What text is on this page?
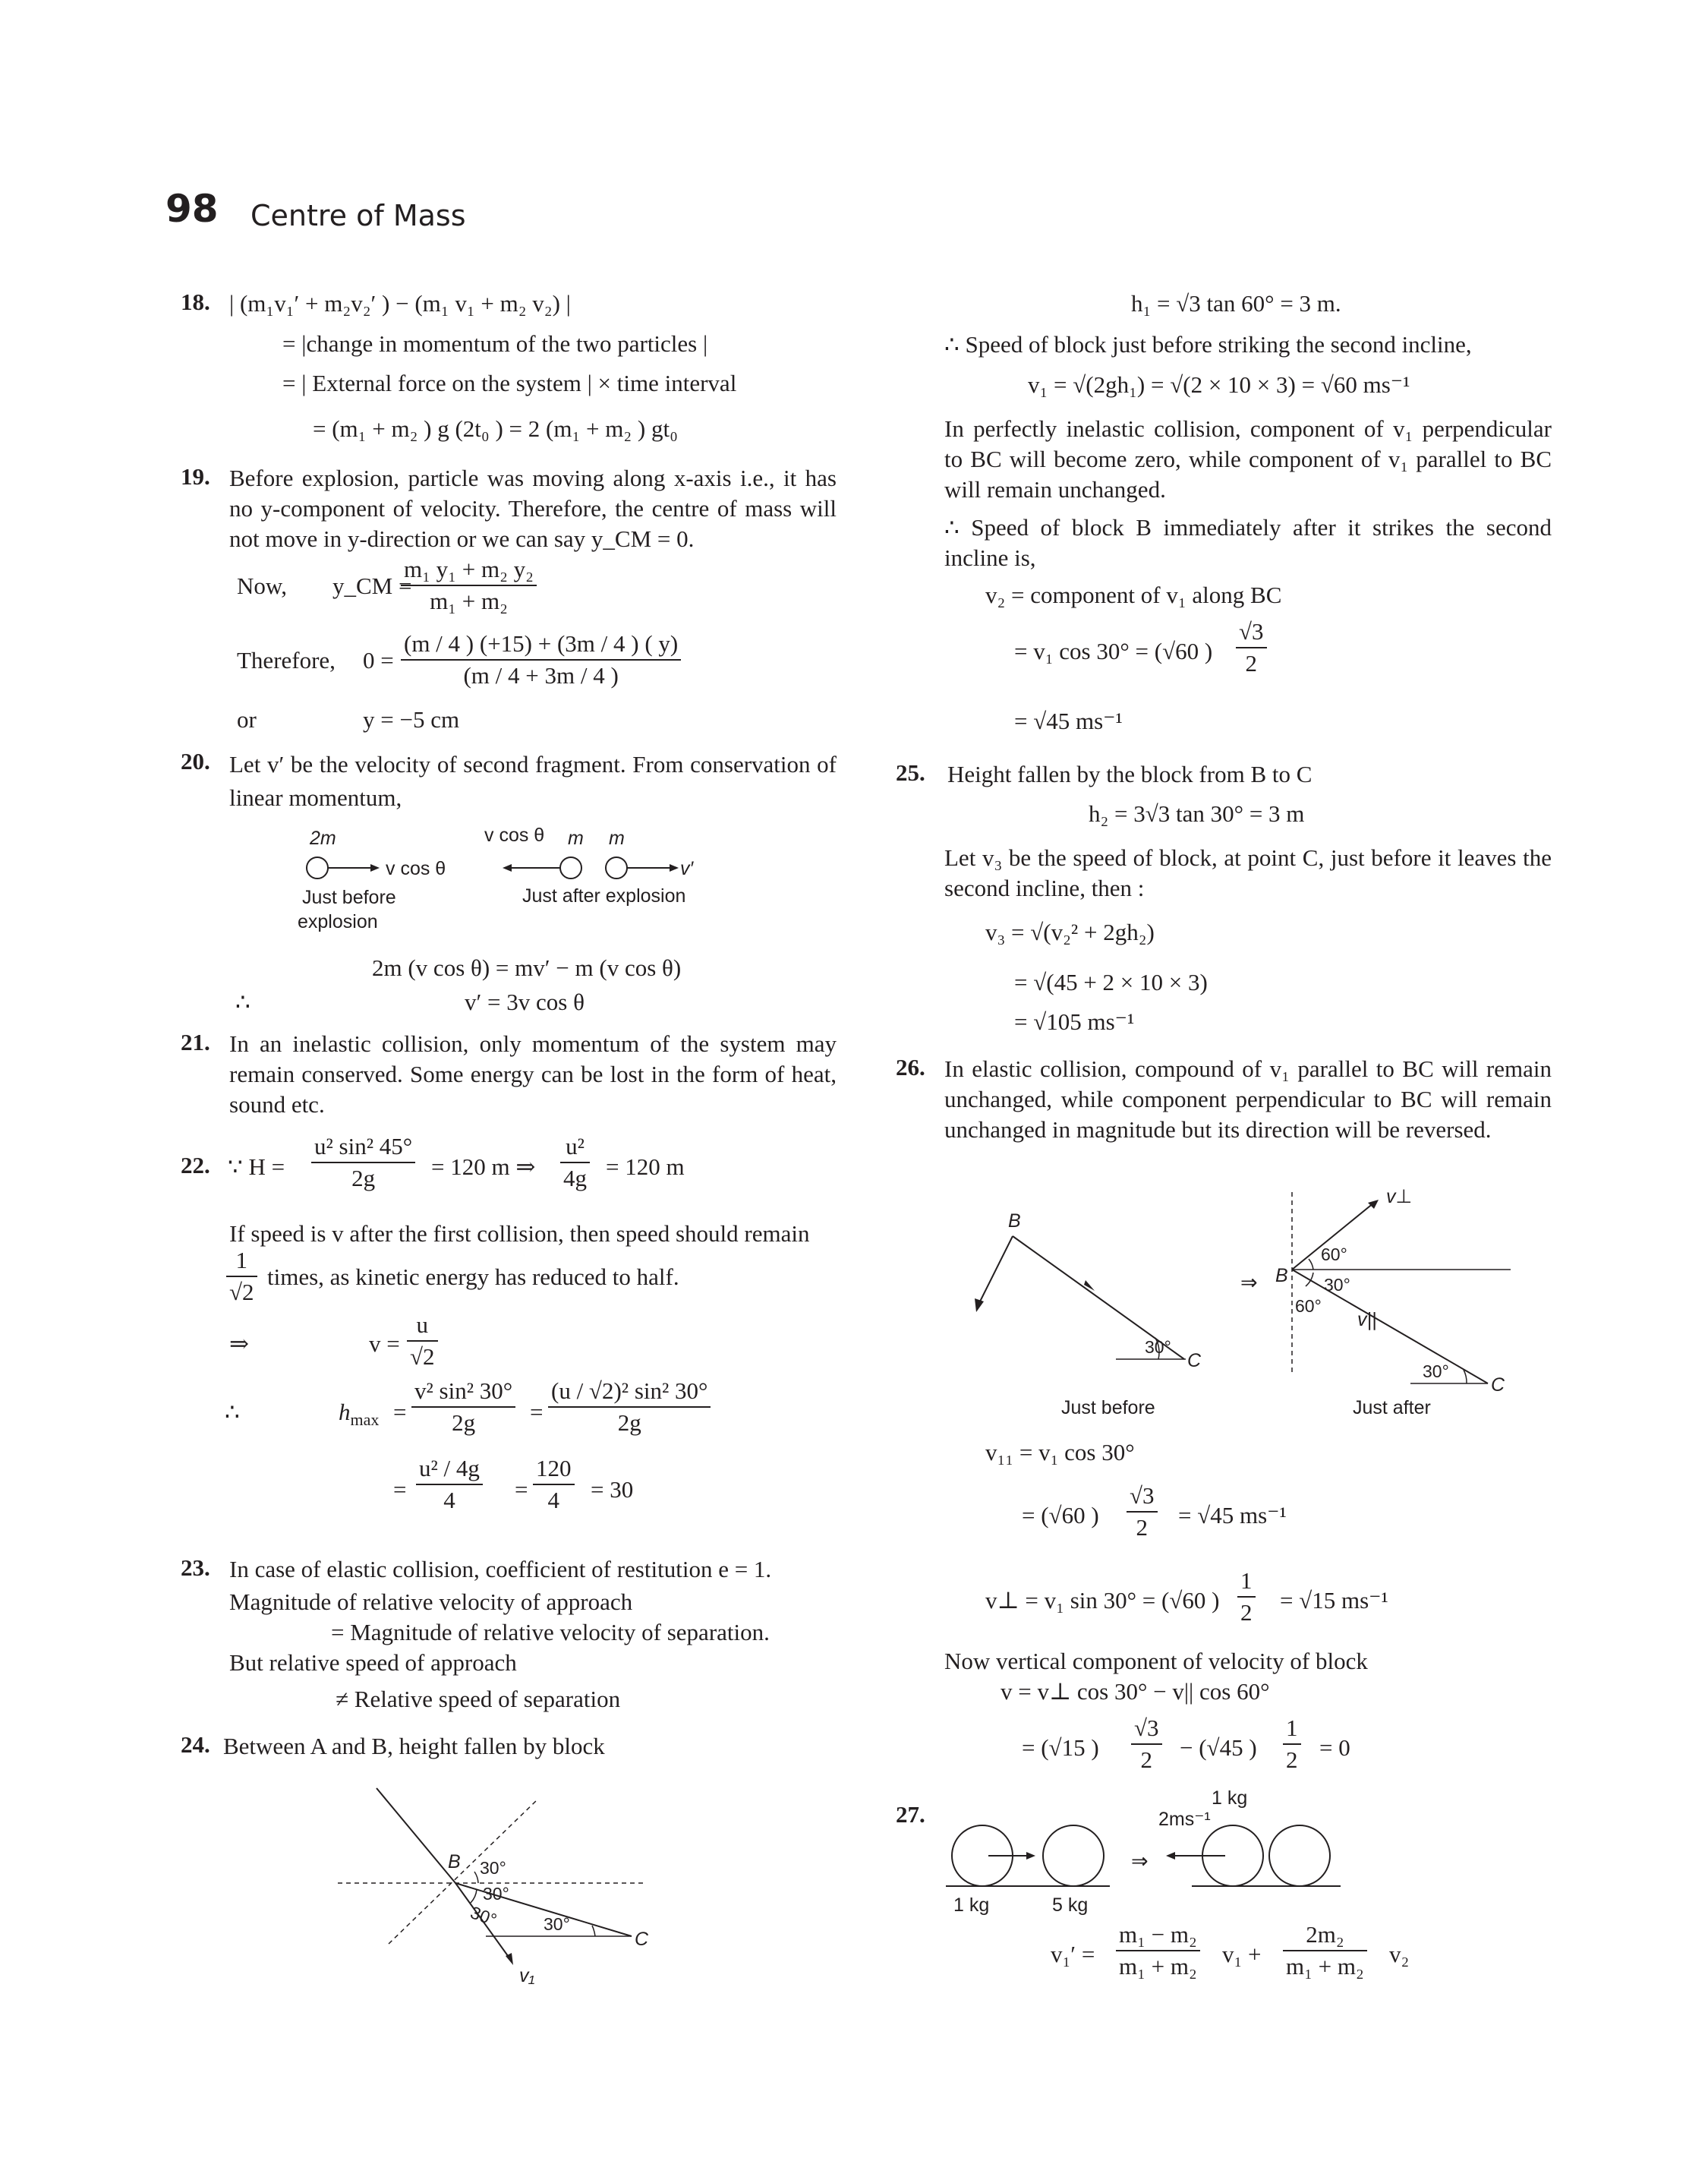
98 Centre of Mass
18. | (m₁v₁′ + m₂v₂′ ) − (m₁ v₁ + m₂ v₂) |
= |change in momentum of the two particles |
= | External force on the system | × time interval
= (m₁ + m₂ ) g (2t₀ ) = 2 (m₁ + m₂ ) gt₀
19. Before explosion, particle was moving along x-axis i.e., it has no y-component of velocity. Therefore, the centre of mass will not move in y-direction or we can say y_CM = 0.
Now, y_CM =
$\frac{\text{m₁ y₁ + m₂ y₂}}{\text{m₁ + m₂}}$
Therefore, $0 = \frac{(m / 4 ) (+15) + (3m / 4 ) ( y)}{(m / 4 + 3m / 4 )}$
or	y = −5 cm
20. Let v′ be the velocity of second fragment. From conservation of linear momentum,
2m
v cos θ
Just before
explosion
v cos θ m m
v′
Just after explosion
2m (v cos θ) = mv′ − m (v cos θ)
∴	v′ = 3v cos θ
21. In an inelastic collision, only momentum of the system may remain conserved. Some energy can be lost in the form of heat, sound etc.
22. ∵ $H = \frac{\text{u² sin² 45°}}{2g} = 120$ m ⇒ $\frac{\text{u²}}{4g} = 120$ m
If speed is v after the first collision, then speed should remain
$\frac{1}{√2}$ times, as kinetic energy has reduced to half.
⇒	$v = \frac{u}{√2}$
∴	$h_{max} = \frac{\text{v² sin² 30°}}{2g} = \frac{\text{(u / √2)² sin² 30°}}{2g}$
= $\frac{\text{u² / 4g}}{4} = \frac{120}{4} = 30$
23. In case of elastic collision, coefficient of restitution e = 1.
Magnitude of relative velocity of approach
= Magnitude of relative velocity of separation.
But relative speed of approach
≠ Relative speed of separation
24. Between A and B, height fallen by block
B 30°
30°
30°	30°
C
v₁
h₁ = √3 tan 60° = 3 m.
∴ Speed of block just before striking the second incline,
v₁ = √(2gh₁) = √(2 × 10 × 3) = √60 ms⁻¹
In perfectly inelastic collision, component of v₁ perpendicular to BC will become zero, while component of v₁ parallel to BC will remain unchanged.
∴ Speed of block B immediately after it strikes the second incline is,
v₂ = component of v₁ along BC
= v₁ cos 30° = (√60 ) $\frac{√3}{2}$
= √45 ms⁻¹
25. Height fallen by the block from B to C
h₂ = 3√3 tan 30° = 3 m
Let v₃ be the speed of block, at point C, just before it leaves the second incline, then :
v₃ = √(v₂² + 2gh₂)
= √(45 + 2 × 10 × 3)
= √105 ms⁻¹
26. In elastic collision, compound of v₁ parallel to BC will remain unchanged, while component perpendicular to BC will remain unchanged in magnitude but its direction will be reversed.
B
30°
C
Just before
⇒ B
60°
30°
60°
v⊥
v||
30°
C
Just after
v₁₁ = v₁ cos 30°
= (√60 ) $\frac{√3}{2} = √45$ ms⁻¹
v⊥ = v₁ sin 30° = (√60 ) $\frac{1}{2} = √15$ ms⁻¹
Now vertical component of velocity of block
v = v⊥ cos 30° − v|| cos 60°
= (√15 ) $\frac{√3}{2} - (√45$ ) $\frac{1}{2} = 0$
27.
1 kg	5 kg
⇒
2ms⁻¹
1 kg
$v_1' = \frac{\text{m₁ − m₂}}{\text{m₁ + m₂}} v_1 + \frac{\text{2m₂}}{\text{m₁ + m₂}} v_2$
